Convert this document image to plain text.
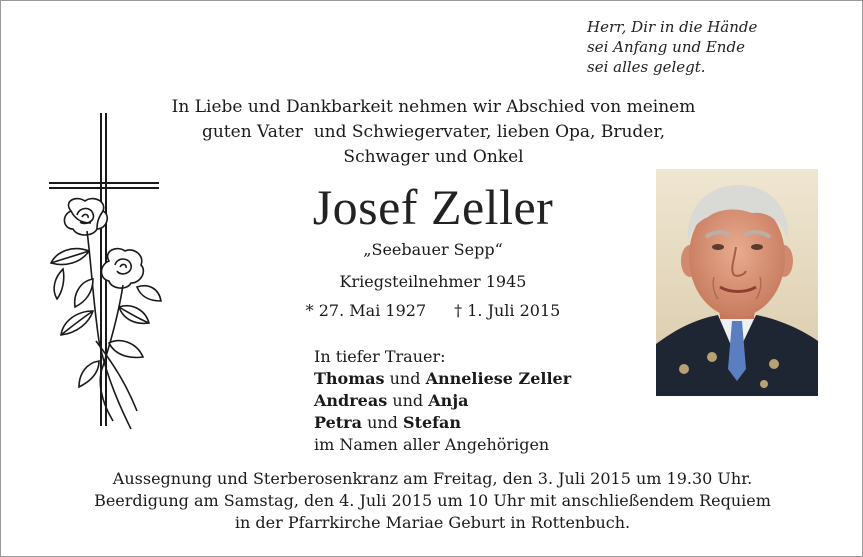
Herr, Dir in die Hände
sei Anfang und Ende
sei alles gelegt.
In Liebe und Dankbarkeit nehmen wir Abschied von meinem
guten Vater  und Schwiegervater, lieben Opa, Bruder,
Schwager und Onkel
Josef Zeller
„Seebauer Sepp“
Kriegsteilnehmer 1945
* 27. Mai 1927 † 1. Juli 2015
In tiefer Trauer:
Thomas und Anneliese Zeller
Andreas und Anja
Petra und Stefan
im Namen aller Angehörigen
Aussegnung und Sterberosenkranz am Freitag, den 3. Juli 2015 um 19.30 Uhr.
Beerdigung am Samstag, den 4. Juli 2015 um 10 Uhr mit anschließendem Requiem
in der Pfarrkirche Mariae Geburt in Rottenbuch.
